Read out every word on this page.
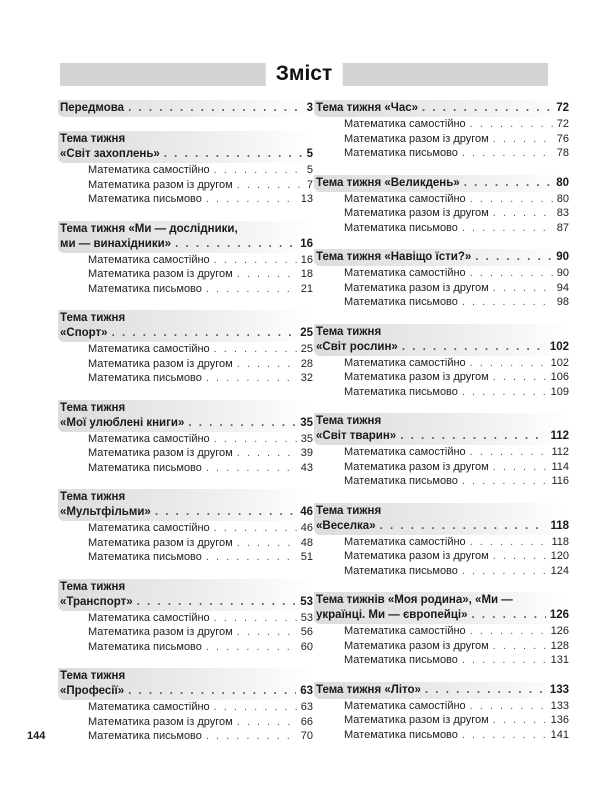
Зміст
Передмова . . .	3
Тема тижня
«Світ захоплень» . . .	5
Математика самостійно . . .	5
Математика разом із другом . . .	7
Математика письмово . . .	13
Тема тижня «Ми — дослідники,
ми — винахідники» . . .	16
Математика самостійно . . .	16
Математика разом із другом . . .	18
Математика письмово . . .	21
Тема тижня
«Спорт» . . .	25
Математика самостійно . . .	25
Математика разом із другом . . .	28
Математика письмово . . .	32
Тема тижня
«Мої улюблені книги» . . .	35
Математика самостійно . . .	35
Математика разом із другом . . .	39
Математика письмово . . .	43
Тема тижня
«Мультфільми» . . .	46
Математика самостійно . . .	46
Математика разом із другом . . .	48
Математика письмово . . .	51
Тема тижня
«Транспорт» . . .	53
Математика самостійно . . .	53
Математика разом із другом . . .	56
Математика письмово . . .	60
Тема тижня
«Професії» . . .	63
Математика самостійно . . .	63
Математика разом із другом . . .	66
Математика письмово . . .	70
Тема тижня «Час» . . .	72
Математика самостійно . . .	72
Математика разом із другом . . .	76
Математика письмово . . .	78
Тема тижня «Великдень» . . .	80
Математика самостійно . . .	80
Математика разом із другом . . .	83
Математика письмово . . .	87
Тема тижня «Навіщо їсти?» . . .	90
Математика самостійно . . .	90
Математика разом із другом . . .	94
Математика письмово . . .	98
Тема тижня
«Світ рослин» . . .	102
Математика самостійно . . .	102
Математика разом із другом . . .	106
Математика письмово . . .	109
Тема тижня
«Світ тварин» . . .	112
Математика самостійно . . .	112
Математика разом із другом . . .	114
Математика письмово . . .	116
Тема тижня
«Веселка» . . .	118
Математика самостійно . . .	118
Математика разом із другом . . .	120
Математика письмово . . .	124
Тема тижнів «Моя родина», «Ми —
українці. Ми — європейці» . . .	126
Математика самостійно . . .	126
Математика разом із другом . . .	128
Математика письмово . . .	131
Тема тижня «Літо» . . .	133
Математика самостійно . . .	133
Математика разом із другом . . .	136
Математика письмово . . .	141
144
